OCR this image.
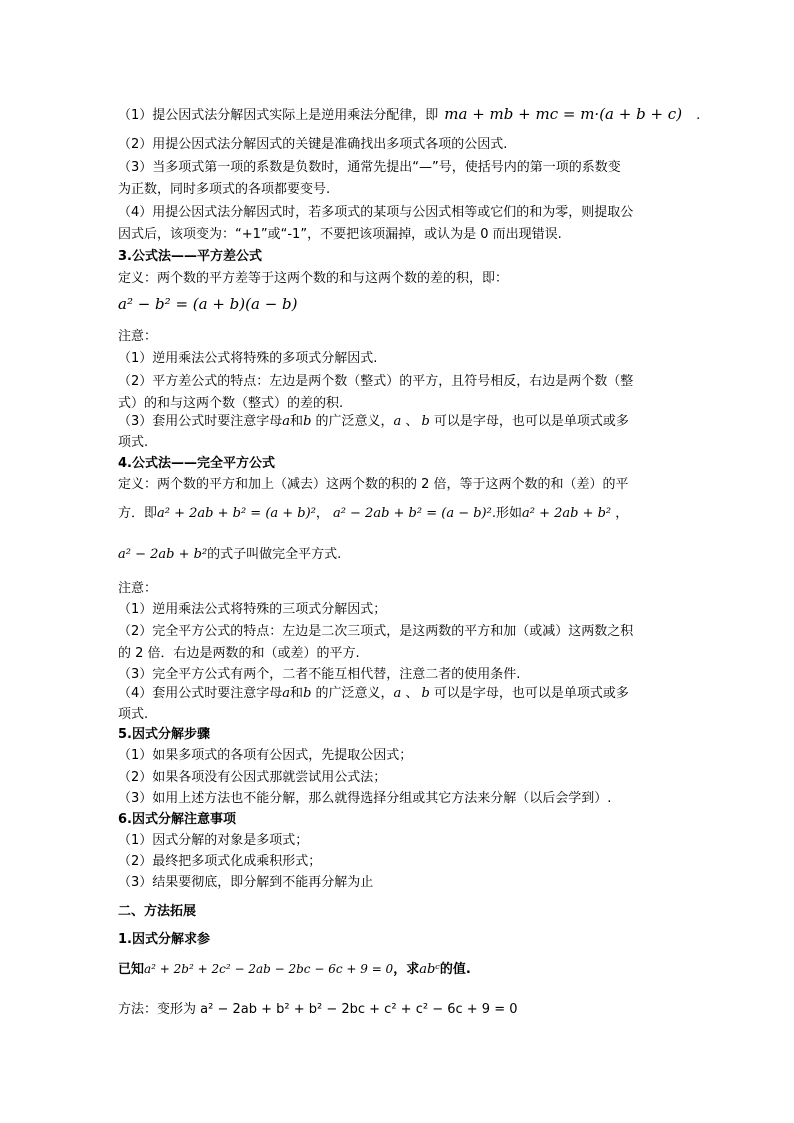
（1）提公因式法分解因式实际上是逆用乘法分配律，即 ma + mb + mc = m·(a + b + c) .
（2）用提公因式法分解因式的关键是准确找出多项式各项的公因式.
（3）当多项式第一项的系数是负数时，通常先提出“—”号，使括号内的第一项的系数变
为正数，同时多项式的各项都要变号.
（4）用提公因式法分解因式时，若多项式的某项与公因式相等或它们的和为零，则提取公
因式后，该项变为：“+1”或“-1”，不要把该项漏掉，或认为是 0 而出现错误.
3.公式法——平方差公式
定义：两个数的平方差等于这两个数的和与这两个数的差的积，即：
a² − b² = (a + b)(a − b)
注意：
（1）逆用乘法公式将特殊的多项式分解因式.
（2）平方差公式的特点：左边是两个数（整式）的平方，且符号相反，右边是两个数（整
式）的和与这两个数（整式）的差的积.
（3）套用公式时要注意字母a和b 的广泛意义，a 、 b 可以是字母，也可以是单项式或多
项式.
4.公式法——完全平方公式
定义：两个数的平方和加上（减去）这两个数的积的 2 倍，等于这两个数的和（差）的平
方．即a² + 2ab + b² = (a + b)²， a² − 2ab + b² = (a − b)².形如a² + 2ab + b² ，
a² − 2ab + b²的式子叫做完全平方式.
注意：
（1）逆用乘法公式将特殊的三项式分解因式；
（2）完全平方公式的特点：左边是二次三项式，是这两数的平方和加（或减）这两数之积
的 2 倍．右边是两数的和（或差）的平方.
（3）完全平方公式有两个，二者不能互相代替，注意二者的使用条件.
（4）套用公式时要注意字母a和b 的广泛意义，a 、 b 可以是字母，也可以是单项式或多
项式.
5.因式分解步骤
（1）如果多项式的各项有公因式，先提取公因式；
（2）如果各项没有公因式那就尝试用公式法；
（3）如用上述方法也不能分解，那么就得选择分组或其它方法来分解（以后会学到）.
6.因式分解注意事项
（1）因式分解的对象是多项式；
（2）最终把多项式化成乘积形式；
（3）结果要彻底，即分解到不能再分解为止
二、方法拓展
1.因式分解求参
已知a² + 2b² + 2c² − 2ab − 2bc − 6c + 9 = 0，求abᶜ的值.
方法：变形为 a² − 2ab + b² + b² − 2bc + c² + c² − 6c + 9 = 0
